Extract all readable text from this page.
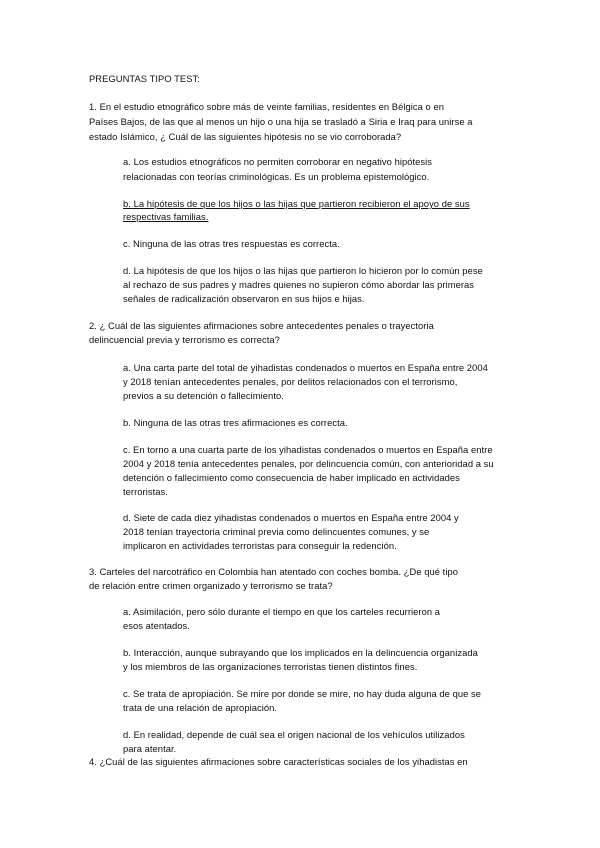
PREGUNTAS TIPO TEST:
1. En el estudio etnográfico sobre más de veinte familias, residentes en Bélgica o en
Países Bajos, de las que al menos un hijo o una hija se trasladó a Siria e Iraq para unirse a
estado Islámico, ¿ Cuál de las siguientes hipótesis no se vio corroborada?
a. Los estudios etnográficos no permiten corroborar en negativo hipótesis
relacionadas con teorías criminológicas. Es un problema epistemológico.
b. La hipótesis de que los hijos o las hijas que partieron recibieron el apoyo de sus
respectivas familias.
c. Ninguna de las otras tres respuestas es correcta.
d. La hipótesis de que los hijos o las hijas que partieron lo hicieron por lo común pese
al rechazo de sus padres y madres quienes no supieron cómo abordar las primeras
señales de radicalización observaron en sus hijos e hijas.
2. ¿ Cuál de las siguientes afirmaciones sobre antecedentes penales o trayectoria
delincuencial previa y terrorismo es correcta?
a. Una carta parte del total de yihadistas condenados o muertos en España entre 2004
y 2018 tenían antecedentes penales, por delitos relacionados con el terrorismo,
previos a su detención o fallecimiento.
b. Ninguna de las otras tres afirmaciones es correcta.
c. En torno a una cuarta parte de los yihadistas condenados o muertos en España entre
2004 y 2018 tenía antecedentes penales, por delincuencia común, con anterioridad a su
detención o fallecimiento como consecuencia de haber implicado en actividades
terroristas.
d. Siete de cada diez yihadistas condenados o muertos en España entre 2004 y
2018 tenían trayectoria criminal previa como delincuentes comunes, y se
implicaron en actividades terroristas para conseguir la redención.
3. Carteles del narcotráfico en Colombia han atentado con coches bomba. ¿De qué tipo
de relación entre crimen organizado y terrorismo se trata?
a. Asimilación, pero sólo durante el tiempo en que los carteles recurrieron a
esos atentados.
b. Interacción, aunque subrayando que los implicados en la delincuencia organizada
y los miembros de las organizaciones terroristas tienen distintos fines.
c. Se trata de apropiación. Se mire por donde se mire, no hay duda alguna de que se
trata de una relación de apropiación.
d. En realidad, depende de cuál sea el origen nacional de los vehículos utilizados
para atentar.
4. ¿Cuál de las siguientes afirmaciones sobre características sociales de los yihadistas en
